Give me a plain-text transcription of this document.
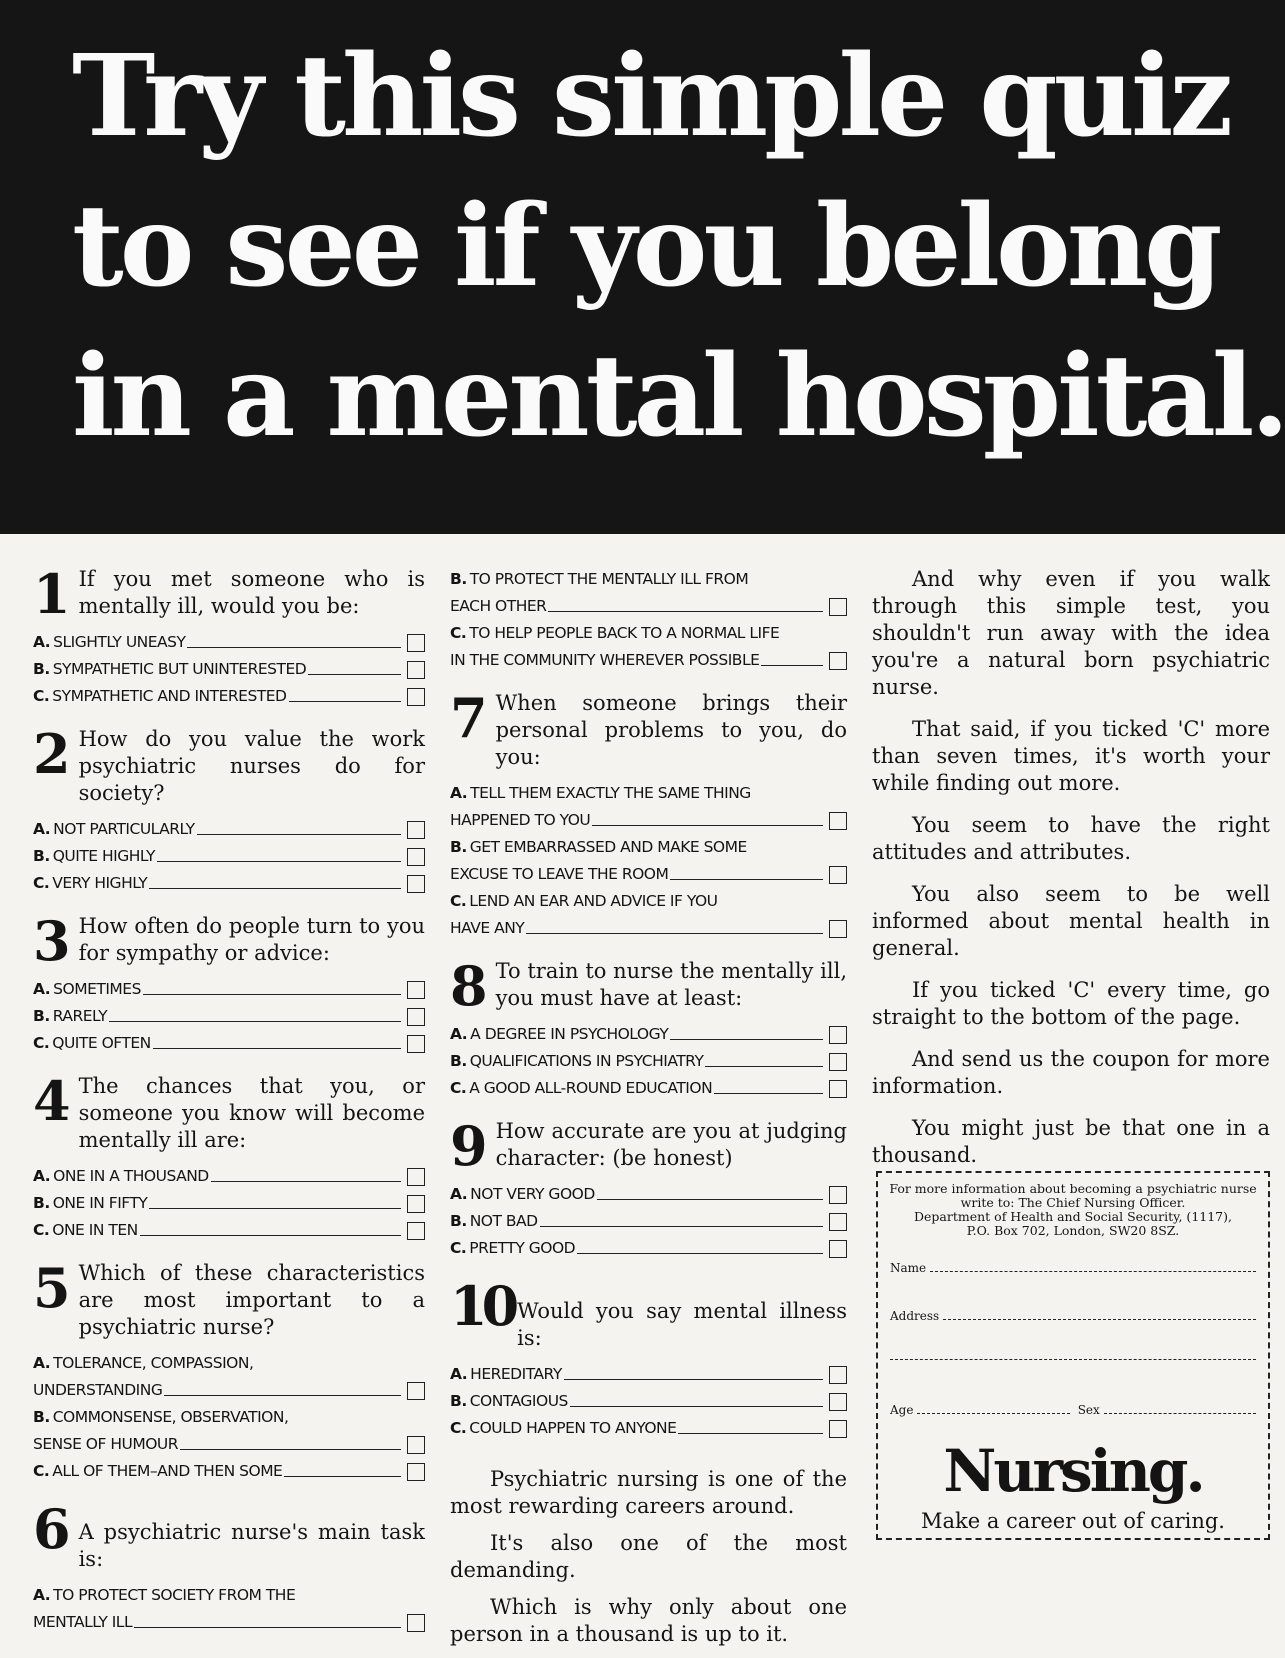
Try this simple quiz
to see if you belong
in a mental hospital.
1 If you met someone who is mentally ill, would you be:
A. SLIGHTLY UNEASY
B. SYMPATHETIC BUT UNINTERESTED
C. SYMPATHETIC AND INTERESTED
2 How do you value the work psychiatric nurses do for society?
A. NOT PARTICULARLY
B. QUITE HIGHLY
C. VERY HIGHLY
3 How often do people turn to you for sympathy or advice:
A. SOMETIMES
B. RARELY
C. QUITE OFTEN
4 The chances that you, or someone you know will become mentally ill are:
A. ONE IN A THOUSAND
B. ONE IN FIFTY
C. ONE IN TEN
5 Which of these characteristics are most important to a psychiatric nurse?
A. TOLERANCE, COMPASSION,
UNDERSTANDING
B. COMMONSENSE, OBSERVATION,
SENSE OF HUMOUR
C. ALL OF THEM–AND THEN SOME
6 A psychiatric nurse's main task is:
A. TO PROTECT SOCIETY FROM THE
MENTALLY ILL
B. TO PROTECT THE MENTALLY ILL FROM
EACH OTHER
C. TO HELP PEOPLE BACK TO A NORMAL LIFE
IN THE COMMUNITY WHEREVER POSSIBLE
7 When someone brings their personal problems to you, do you:
A. TELL THEM EXACTLY THE SAME THING
HAPPENED TO YOU
B. GET EMBARRASSED AND MAKE SOME
EXCUSE TO LEAVE THE ROOM
C. LEND AN EAR AND ADVICE IF YOU
HAVE ANY
8 To train to nurse the mentally ill, you must have at least:
A. A DEGREE IN PSYCHOLOGY
B. QUALIFICATIONS IN PSYCHIATRY
C. A GOOD ALL-ROUND EDUCATION
9 How accurate are you at judging character: (be honest)
A. NOT VERY GOOD
B. NOT BAD
C. PRETTY GOOD
10 Would you say mental illness is:
A. HEREDITARY
B. CONTAGIOUS
C. COULD HAPPEN TO ANYONE

Psychiatric nursing is one of the most rewarding careers around.

It's also one of the most demanding.

Which is why only about one person in a thousand is up to it.

And why even if you walk through this simple test, you shouldn't run away with the idea you're a natural born psychiatric nurse.

That said, if you ticked 'C' more than seven times, it's worth your while finding out more.

You seem to have the right attitudes and attributes.

You also seem to be well informed about mental health in general.

If you ticked 'C' every time, go straight to the bottom of the page.

And send us the coupon for more information.

You might just be that one in a thousand.

For more information about becoming a psychiatric nurse
write to: The Chief Nursing Officer.
Department of Health and Social Security, (1117),
P.O. Box 702, London, SW20 8SZ.
Name
Address
Age	Sex
Nursing.
Make a career out of caring.
